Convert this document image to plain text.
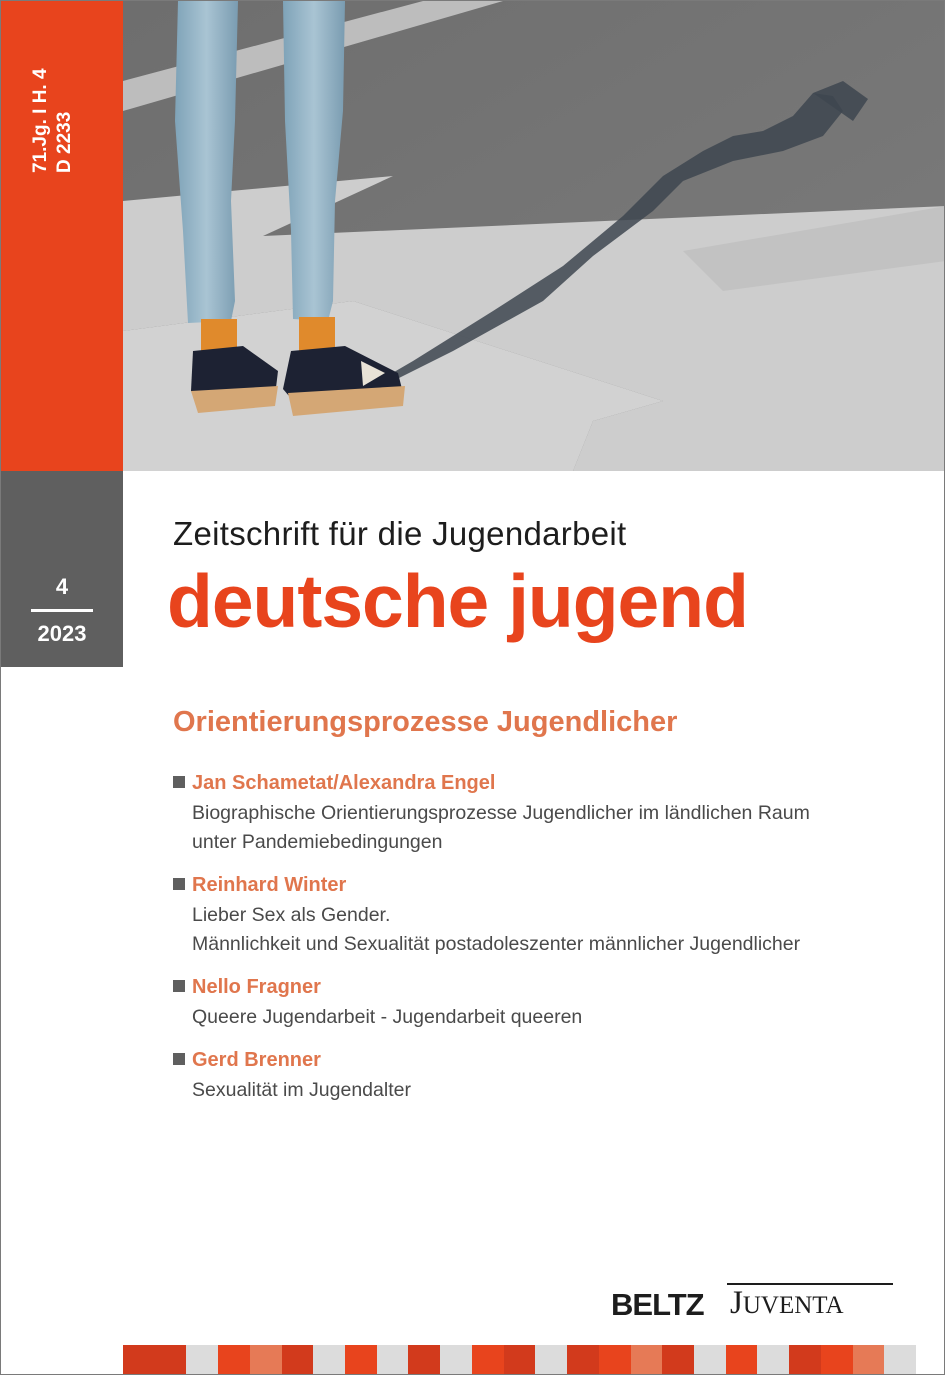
71.Jg. I H. 4 D 2233
4
2023
Zeitschrift für die Jugendarbeit
deutsche jugend
Orientierungsprozesse Jugendlicher
Jan Schametat/Alexandra Engel
Biographische Orientierungsprozesse Jugendlicher im ländlichen Raum
unter Pandemiebedingungen
Reinhard Winter
Lieber Sex als Gender.
Männlichkeit und Sexualität postadoleszenter männlicher Jugendlicher
Nello Fragner
Queere Jugendarbeit - Jugendarbeit queeren
Gerd Brenner
Sexualität im Jugendalter
BELTZ JUVENTA
